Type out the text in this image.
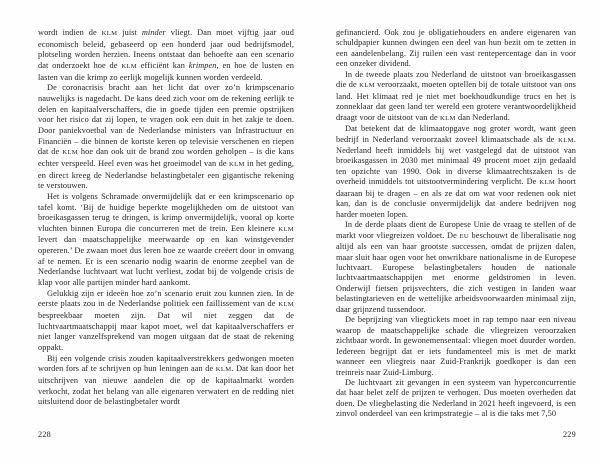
wordt indien de KLM juist minder vliegt. Dan moet vijftig jaar oud economisch beleid, gebaseerd op een honderd jaar oud bedrijfsmodel, plotseling worden herzien. Ineens ontstaat dan behoefte aan een scenario dat onderzoekt hoe de KLM efficiënt kan krimpen, en hoe de lusten en lasten van die krimp zo eerlijk mogelijk kunnen worden verdeeld.

De coronacrisis bracht aan het licht dat over zo’n krimpscenario nauwelijks is nagedacht. De kans deed zich voor om de rekening eerlijk te delen en kapitaalverschaffers, die in goede tijden een premie opstrijken voor het risico dat zij lopen, te vragen ook een duit in het zakje te doen. Door paniekvoetbal van de Nederlandse ministers van Infrastructuur en Financiën – die binnen de kortste keren op televisie verschenen en riepen dat de KLM hoe dan ook uit de brand zou worden geholpen – is die kans echter verspeeld. Heel even was het groeimodel van de KLM in het geding, en direct kreeg de Nederlandse belastingbetaler een gigantische rekening te verstouwen.

Het is volgens Schramade onvermijdelijk dat er een krimpscenario op tafel komt. ‘Bij de huidige beperkte mogelijkheden om de uitstoot van broeikasgassen terug te dringen, is krimp onvermijdelijk, vooral op korte vluchten binnen Europa die concurreren met de trein. Een kleinere KLM levert dan maatschappelijke meerwaarde op en kan winstgevender opereren.’ De zwaan moet dus leren hoe ze waarde creëert door in omvang af te nemen. Er is een scenario nodig waarin de enorme zeepbel van de Nederlandse luchtvaart wat lucht verliest, zodat bij de volgende crisis de klap voor alle partijen minder hard aankomt.

Gelukkig zijn er ideeën hoe zo’n scenario eruit zou kunnen zien. In de eerste plaats zou in de Nederlandse politiek een faillissement van de KLM bespreekbaar moeten zijn. Dat wil niet zeggen dat de luchtvaartmaatschappij maar kapot moet, wel dat kapitaalverschaffers er niet langer vanzelfsprekend van mogen uitgaan dat de staat de rekening oppakt.

Bij een volgende crisis zouden kapitaalverstrekkers gedwongen moeten worden fors af te schrijven op hun leningen aan de KLM. Dat kan door het uitschrijven van nieuwe aandelen die op de kapitaalmarkt worden verkocht, zodat het belang van alle eigenaren verwatert en de redding niet uitsluitend door de belastingbetaler wordt

228

gefinancierd. Ook zou je obligatiehouders en andere eigenaren van schuldpapier kunnen dwingen een deel van hun bezit om te zetten in een aandelenbelang. Zij ruilen een vast rentepercentage dan in voor een onzeker dividend.

In de tweede plaats zou Nederland de uitstoot van broeikasgassen die de KLM veroorzaakt, moeten optellen bij de totale uitstoot van ons land. Het klimaat red je niet met boekhoudkundige trucs en het is zonneklaar dat geen land ter wereld een grotere verantwoordelijkheid draagt voor de uitstoot van de KLM dan Nederland.

Dat betekent dat de klimaatopgave nog groter wordt, want geen bedrijf in Nederland veroorzaakt zoveel klimaatschade als de KLM. Nederland heeft inmiddels bij wet vastgelegd dat de uitstoot van broeikasgassen in 2030 met minimaal 49 procent moet zijn gedaald ten opzichte van 1990. Ook in diverse klimaatrechtszaken is de overheid inmiddels tot uitstootvermindering verplicht. De KLM hoort daaraan bij te dragen – en als ze dat om wat voor redenen ook niet kan, dan is de conclusie onvermijdelijk dat andere bedrijven nog harder moeten lopen.

In de derde plaats dient de Europese Unie de vraag te stellen of de markt voor vliegreizen voldoet. De EU beschouwt de liberalisatie nog altijd als een van haar grootste successen, omdat de prijzen dalen, maar sluit haar ogen voor het onwrikbare nationalisme in de Europese luchtvaart. Europese belastingbetalers houden de nationale luchtvaartmaatschappijen met enorme geldstromen in leven. Onderwijl fietsen prijsvechters, die zich vestigen in landen waar belastingtarieven en de wettelijke arbeidsvoorwaarden minimaal zijn, daar grijnzend tussendoor.

De beprijzing van vliegtickets moet in rap tempo naar een niveau waarop de maatschappelijke schade die vliegreizen veroorzaken zichtbaar wordt. In gewonemensentaal: vliegen moet duurder worden. Iedereen begrijpt dat er iets fundamenteel mis is met de markt wanneer een vliegreis naar Zuid-Frankrijk goedkoper is dan een treinreis naar Zuid-Limburg.

De luchtvaart zit gevangen in een systeem van hyperconcurrentie dat haar belet zelf de prijzen te verhogen. Dus moeten overheden dat doen. De vliegbelasting die Nederland in 2021 heeft ingevoerd, is een zinvol onderdeel van een krimpstrategie – al is die taks met 7,50

229
